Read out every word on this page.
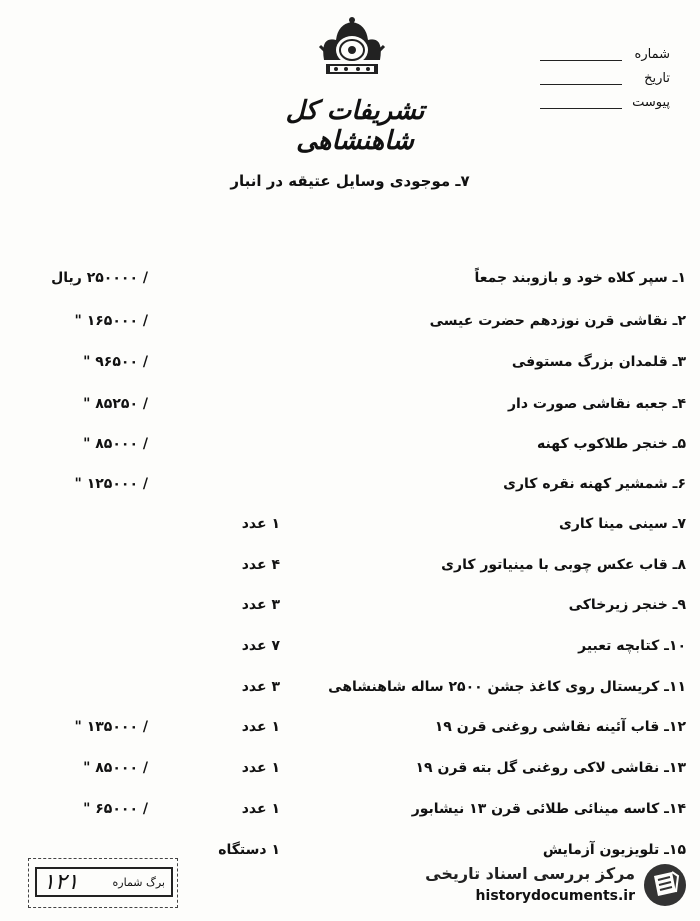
تشریفات کل شاهنشاهی
شماره
تاریخ
پیوست
۷ـ موجودی وسایل عتیقه در انبار
۱ـ سپر کلاه خود و بازوبند جمعاً
/ ۲۵۰۰۰۰ ریال
۲ـ نقاشی قرن نوزدهم حضرت عیسی
/ ۱۶۵۰۰۰ "
۳ـ قلمدان بزرگ مستوفی
/ ۹۶۵۰۰ "
۴ـ جعبه نقاشی صورت دار
/ ۸۵۲۵۰ "
۵ـ خنجر طلاکوب کهنه
/ ۸۵۰۰۰ "
۶ـ شمشیر کهنه نقره کاری
/ ۱۲۵۰۰۰ "
۷ـ سینی مینا کاری
۱ عدد
۸ـ قاب عکس چوبی با مینیاتور کاری
۴ عدد
۹ـ خنجر زیرخاکی
۳ عدد
۱۰ـ کتابچه تعبیر
۷ عدد
۱۱ـ کریستال روی کاغذ جشن ۲۵۰۰ ساله شاهنشاهی
۳ عدد
۱۲ـ قاب آئینه نقاشی روغنی قرن ۱۹
۱ عدد
/ ۱۳۵۰۰۰ "
۱۳ـ نقاشی لاکی روغنی گل بته قرن ۱۹
۱ عدد
/ ۸۵۰۰۰ "
۱۴ـ کاسه مینائی طلائی قرن ۱۳ نیشابور
۱ عدد
/ ۶۵۰۰۰ "
۱۵ـ تلویزیون آزمایش
۱ دستگاه
برگ شماره
۱۲۱	مرکز بررسی اسناد تاریخی
historydocuments.ir
